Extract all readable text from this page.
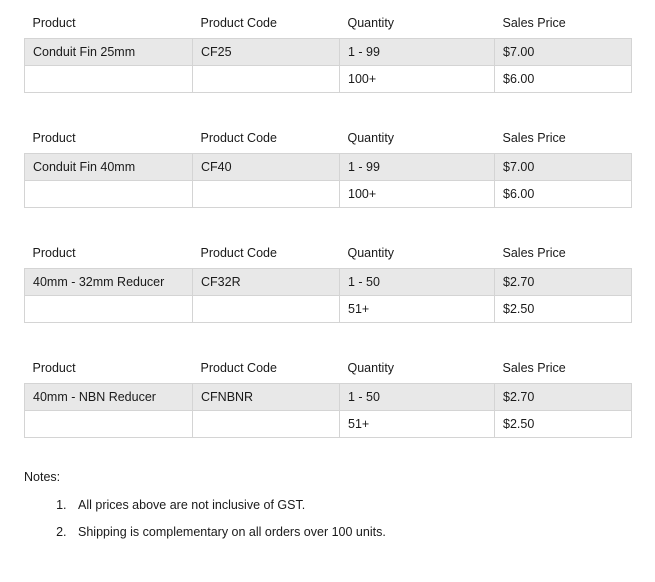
Product	Product Code	Quantity	Sales Price
Conduit Fin 25mm	CF25	1 - 99	$7.00
		100+	$6.00
Product	Product Code	Quantity	Sales Price
Conduit Fin 40mm	CF40	1 - 99	$7.00
		100+	$6.00
Product	Product Code	Quantity	Sales Price
40mm - 32mm Reducer	CF32R	1 - 50	$2.70
		51+	$2.50
Product	Product Code	Quantity	Sales Price
40mm - NBN Reducer	CFNBNR	1 - 50	$2.70
		51+	$2.50
Notes:
1. All prices above are not inclusive of GST.
2. Shipping is complementary on all orders over 100 units.
